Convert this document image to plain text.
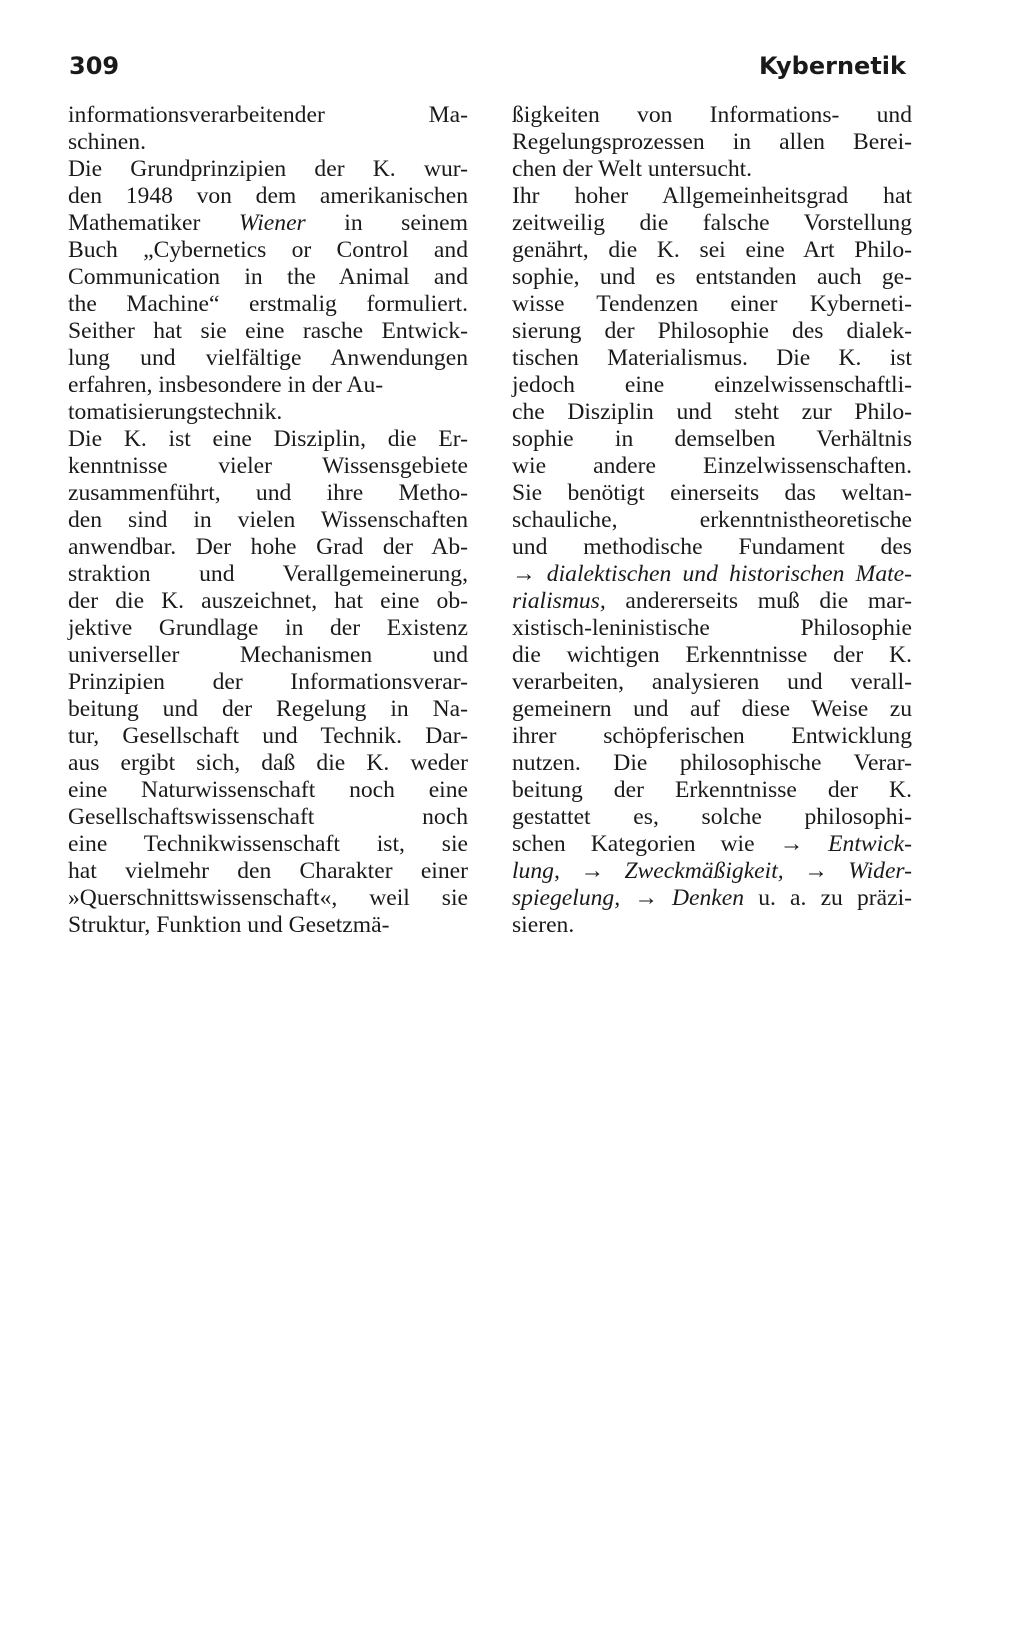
309	Kybernetik
informationsverarbeitender Ma-
schinen.
Die Grundprinzipien der K. wur-
den 1948 von dem amerikanischen
Mathematiker Wiener in seinem
Buch „Cybernetics or Control and
Communication in the Animal and
the Machine“ erstmalig formuliert.
Seither hat sie eine rasche Entwick-
lung und vielfältige Anwendungen
erfahren, insbesondere in der Au-
tomatisierungstechnik.
Die K. ist eine Disziplin, die Er-
kenntnisse vieler Wissensgebiete
zusammenführt, und ihre Metho-
den sind in vielen Wissenschaften
anwendbar. Der hohe Grad der Ab-
straktion und Verallgemeinerung,
der die K. auszeichnet, hat eine ob-
jektive Grundlage in der Existenz
universeller Mechanismen und
Prinzipien der Informationsverar-
beitung und der Regelung in Na-
tur, Gesellschaft und Technik. Dar-
aus ergibt sich, daß die K. weder
eine Naturwissenschaft noch eine
Gesellschaftswissenschaft noch
eine Technikwissenschaft ist, sie
hat vielmehr den Charakter einer
»Querschnittswissenschaft«, weil sie
Struktur, Funktion und Gesetzmä-
ßigkeiten von Informations- und
Regelungsprozessen in allen Berei-
chen der Welt untersucht.
Ihr hoher Allgemeinheitsgrad hat
zeitweilig die falsche Vorstellung
genährt, die K. sei eine Art Philo-
sophie, und es entstanden auch ge-
wisse Tendenzen einer Kyberneti-
sierung der Philosophie des dialek-
tischen Materialismus. Die K. ist
jedoch eine einzelwissenschaftli-
che Disziplin und steht zur Philo-
sophie in demselben Verhältnis
wie andere Einzelwissenschaften.
Sie benötigt einerseits das weltan-
schauliche, erkenntnistheoretische
und methodische Fundament des
→ dialektischen und historischen Mate-
rialismus, andererseits muß die mar-
xistisch-leninistische Philosophie
die wichtigen Erkenntnisse der K.
verarbeiten, analysieren und verall-
gemeinern und auf diese Weise zu
ihrer schöpferischen Entwicklung
nutzen. Die philosophische Verar-
beitung der Erkenntnisse der K.
gestattet es, solche philosophi-
schen Kategorien wie → Entwick-
lung, → Zweckmäßigkeit, → Wider-
spiegelung, → Denken u. a. zu präzi-
sieren.
